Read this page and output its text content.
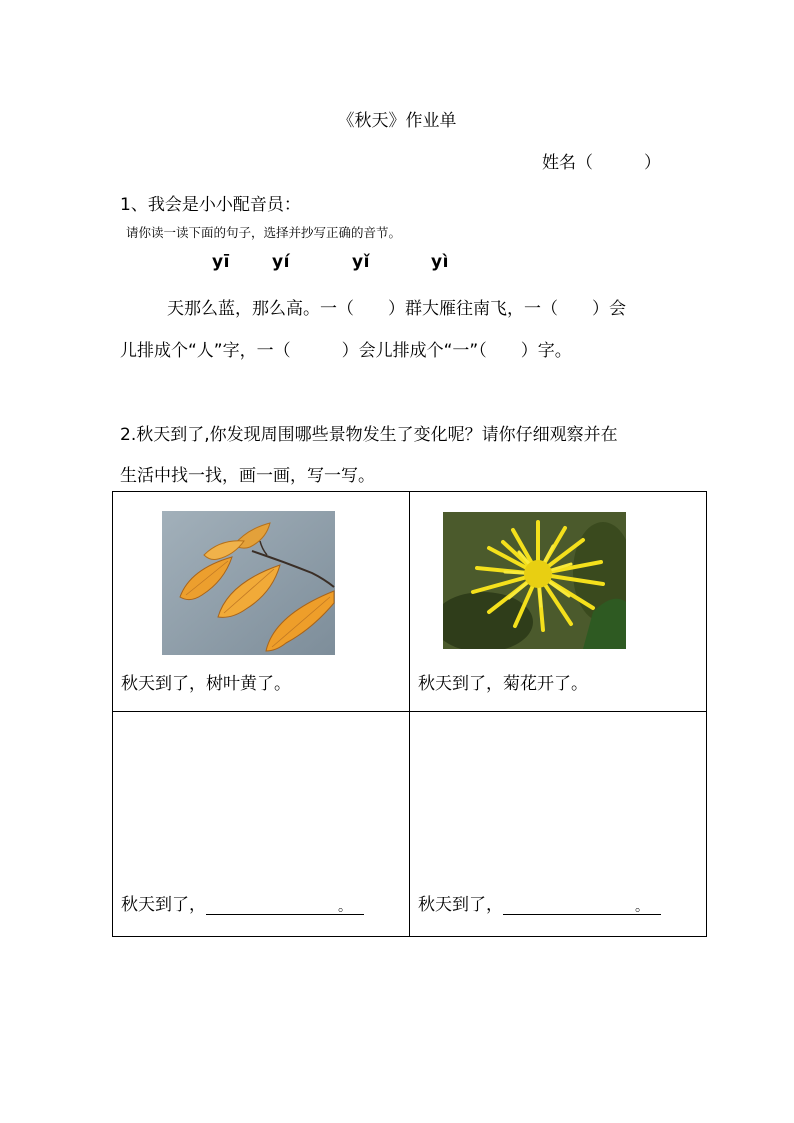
《秋天》作业单
姓名（　　　）
1、我会是小小配音员：
请你读一读下面的句子，选择并抄写正确的音节。
yī yí	yǐ	yì
天那么蓝，那么高。一（　　）群大雁往南飞，一（　　）会
儿排成个“人”字，一（　　　）会儿排成个“一”（　　）字。
2.秋天到了,你发现周围哪些景物发生了变化呢？请你仔细观察并在
生活中找一找，画一画，写一写。
秋天到了，树叶黄了。	秋天到了，菊花开了。

秋天到了， 。	秋天到了， 。
